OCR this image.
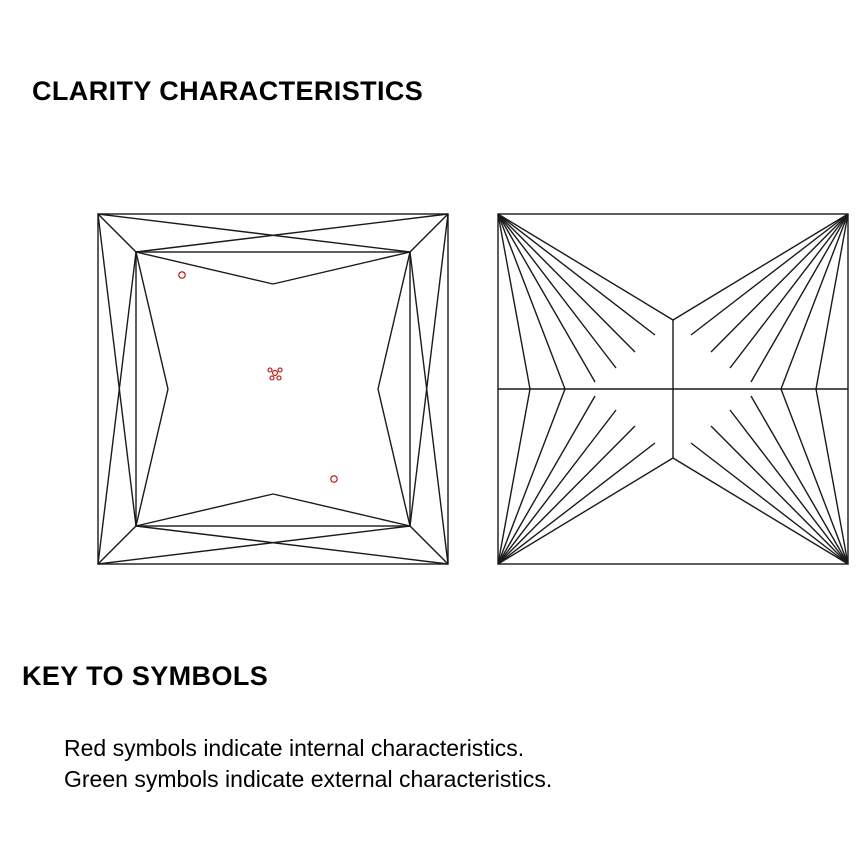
CLARITY CHARACTERISTICS
KEY TO SYMBOLS
Red symbols indicate internal characteristics.
Green symbols indicate external characteristics.
